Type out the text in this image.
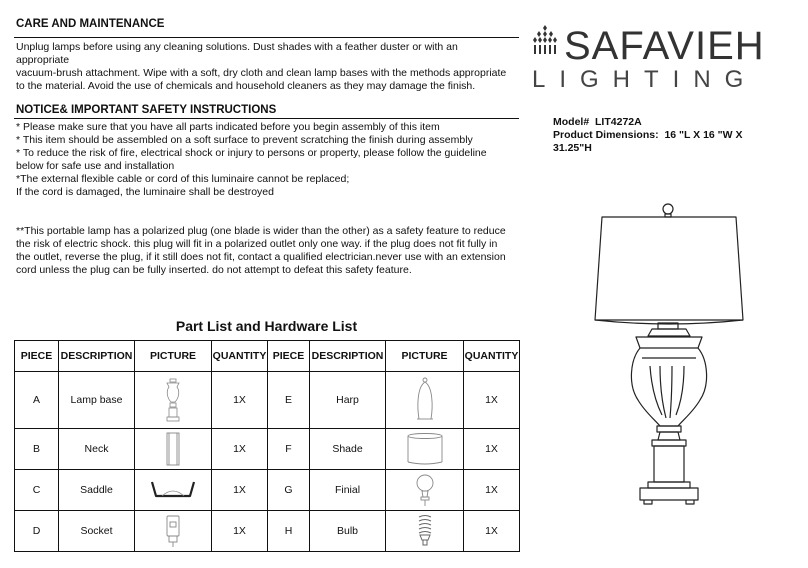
CARE AND MAINTENANCE
Unplug lamps before using any cleaning solutions. Dust shades with a feather duster or with an
appropriate
vacuum-brush attachment. Wipe with a soft, dry cloth and clean lamp bases with the methods appropriate
to the material. Avoid the use of chemicals and household cleaners as they may damage the finish.
NOTICE& IMPORTANT SAFETY INSTRUCTIONS
* Please make sure that you have all parts indicated before you begin assembly of this item
* This item should be assembled on a soft surface to prevent scratching the finish during assembly
* To reduce the risk of fire, electrical shock or injury to persons or property, please follow the guideline
below for safe use and installation
*The external flexible cable or cord of this luminaire cannot be replaced;
If the cord is damaged, the luminaire shall be destroyed
**This portable lamp has a polarized plug (one blade is wider than the other) as a safety feature to reduce
the risk of electric shock. this plug will fit in a polarized outlet only one way. if the plug does not fit fully in
the outlet, reverse the plug, if it still does not fit, contact a qualified electrician.never use with an extension
cord unless the plug can be fully inserted. do not attempt to defeat this safety feature.
Part List and Hardware List
PIECE	DESCRIPTION	PICTURE	QUANTITY	PIECE	DESCRIPTION	PICTURE	QUANTITY
A	Lamp base		1X	E	Harp		1X
B	Neck		1X	F	Shade		1X
C	Saddle		1X	G	Finial		1X
D	Socket		1X	H	Bulb		1X
SAFAVIEH
LIGHTING
Model# LIT4272A
Product Dimensions: 16 "L X 16 "W X 31.25"H
